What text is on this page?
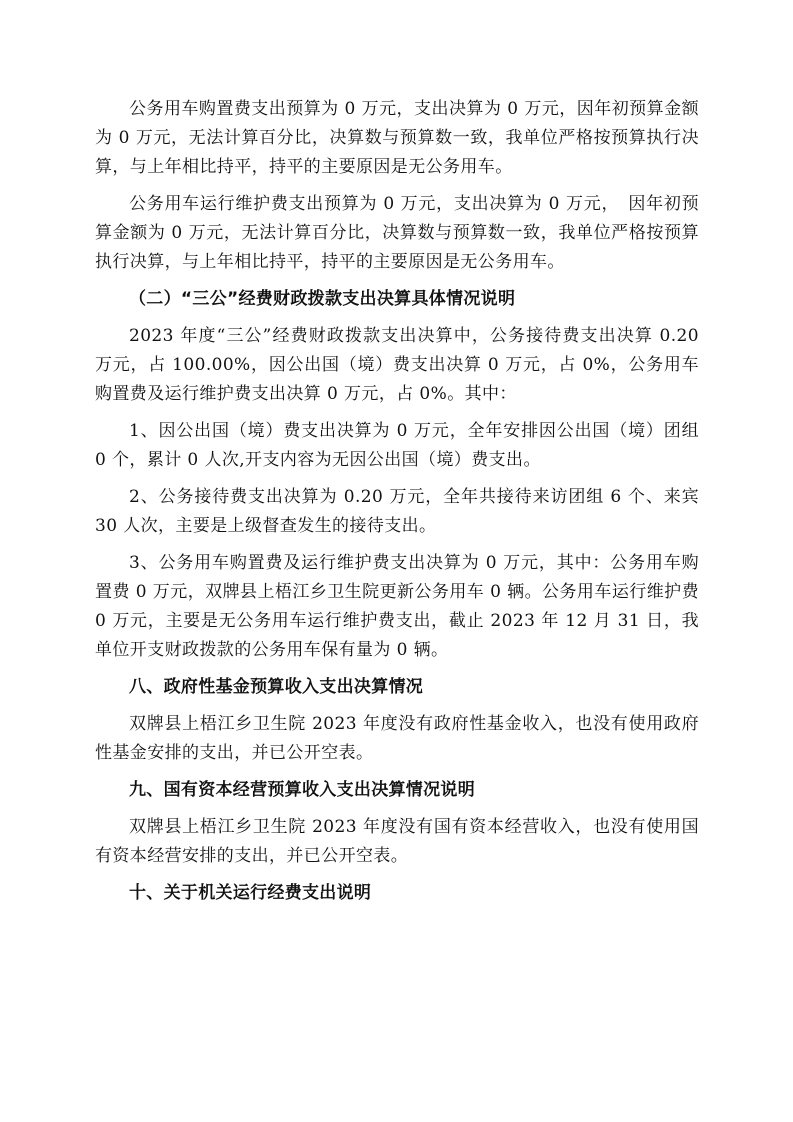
公务用车购置费支出预算为 0 万元，支出决算为 0 万元，因年初预算金额为 0 万元，无法计算百分比，决算数与预算数一致，我单位严格按预算执行决算，与上年相比持平，持平的主要原因是无公务用车。

公务用车运行维护费支出预算为 0 万元，支出决算为 0 万元，　因年初预算金额为 0 万元，无法计算百分比，决算数与预算数一致，我单位严格按预算执行决算，与上年相比持平，持平的主要原因是无公务用车。

（二）“三公”经费财政拨款支出决算具体情况说明

2023 年度“三公”经费财政拨款支出决算中，公务接待费支出决算 0.20 万元，占 100.00%，因公出国（境）费支出决算 0 万元，占 0%，公务用车购置费及运行维护费支出决算 0 万元，占 0%。其中：

1、因公出国（境）费支出决算为 0 万元，全年安排因公出国（境）团组 0 个，累计 0 人次,开支内容为无因公出国（境）费支出。

2、公务接待费支出决算为 0.20 万元，全年共接待来访团组 6 个、来宾 30 人次，主要是上级督查发生的接待支出。

3、公务用车购置费及运行维护费支出决算为 0 万元，其中：公务用车购置费 0 万元，双牌县上梧江乡卫生院更新公务用车 0 辆。公务用车运行维护费 0 万元，主要是无公务用车运行维护费支出，截止 2023 年 12 月 31 日，我单位开支财政拨款的公务用车保有量为 0 辆。

八、政府性基金预算收入支出决算情况

双牌县上梧江乡卫生院 2023 年度没有政府性基金收入，也没有使用政府性基金安排的支出，并已公开空表。

九、国有资本经营预算收入支出决算情况说明

双牌县上梧江乡卫生院 2023 年度没有国有资本经营收入，也没有使用国有资本经营安排的支出，并已公开空表。

十、关于机关运行经费支出说明
